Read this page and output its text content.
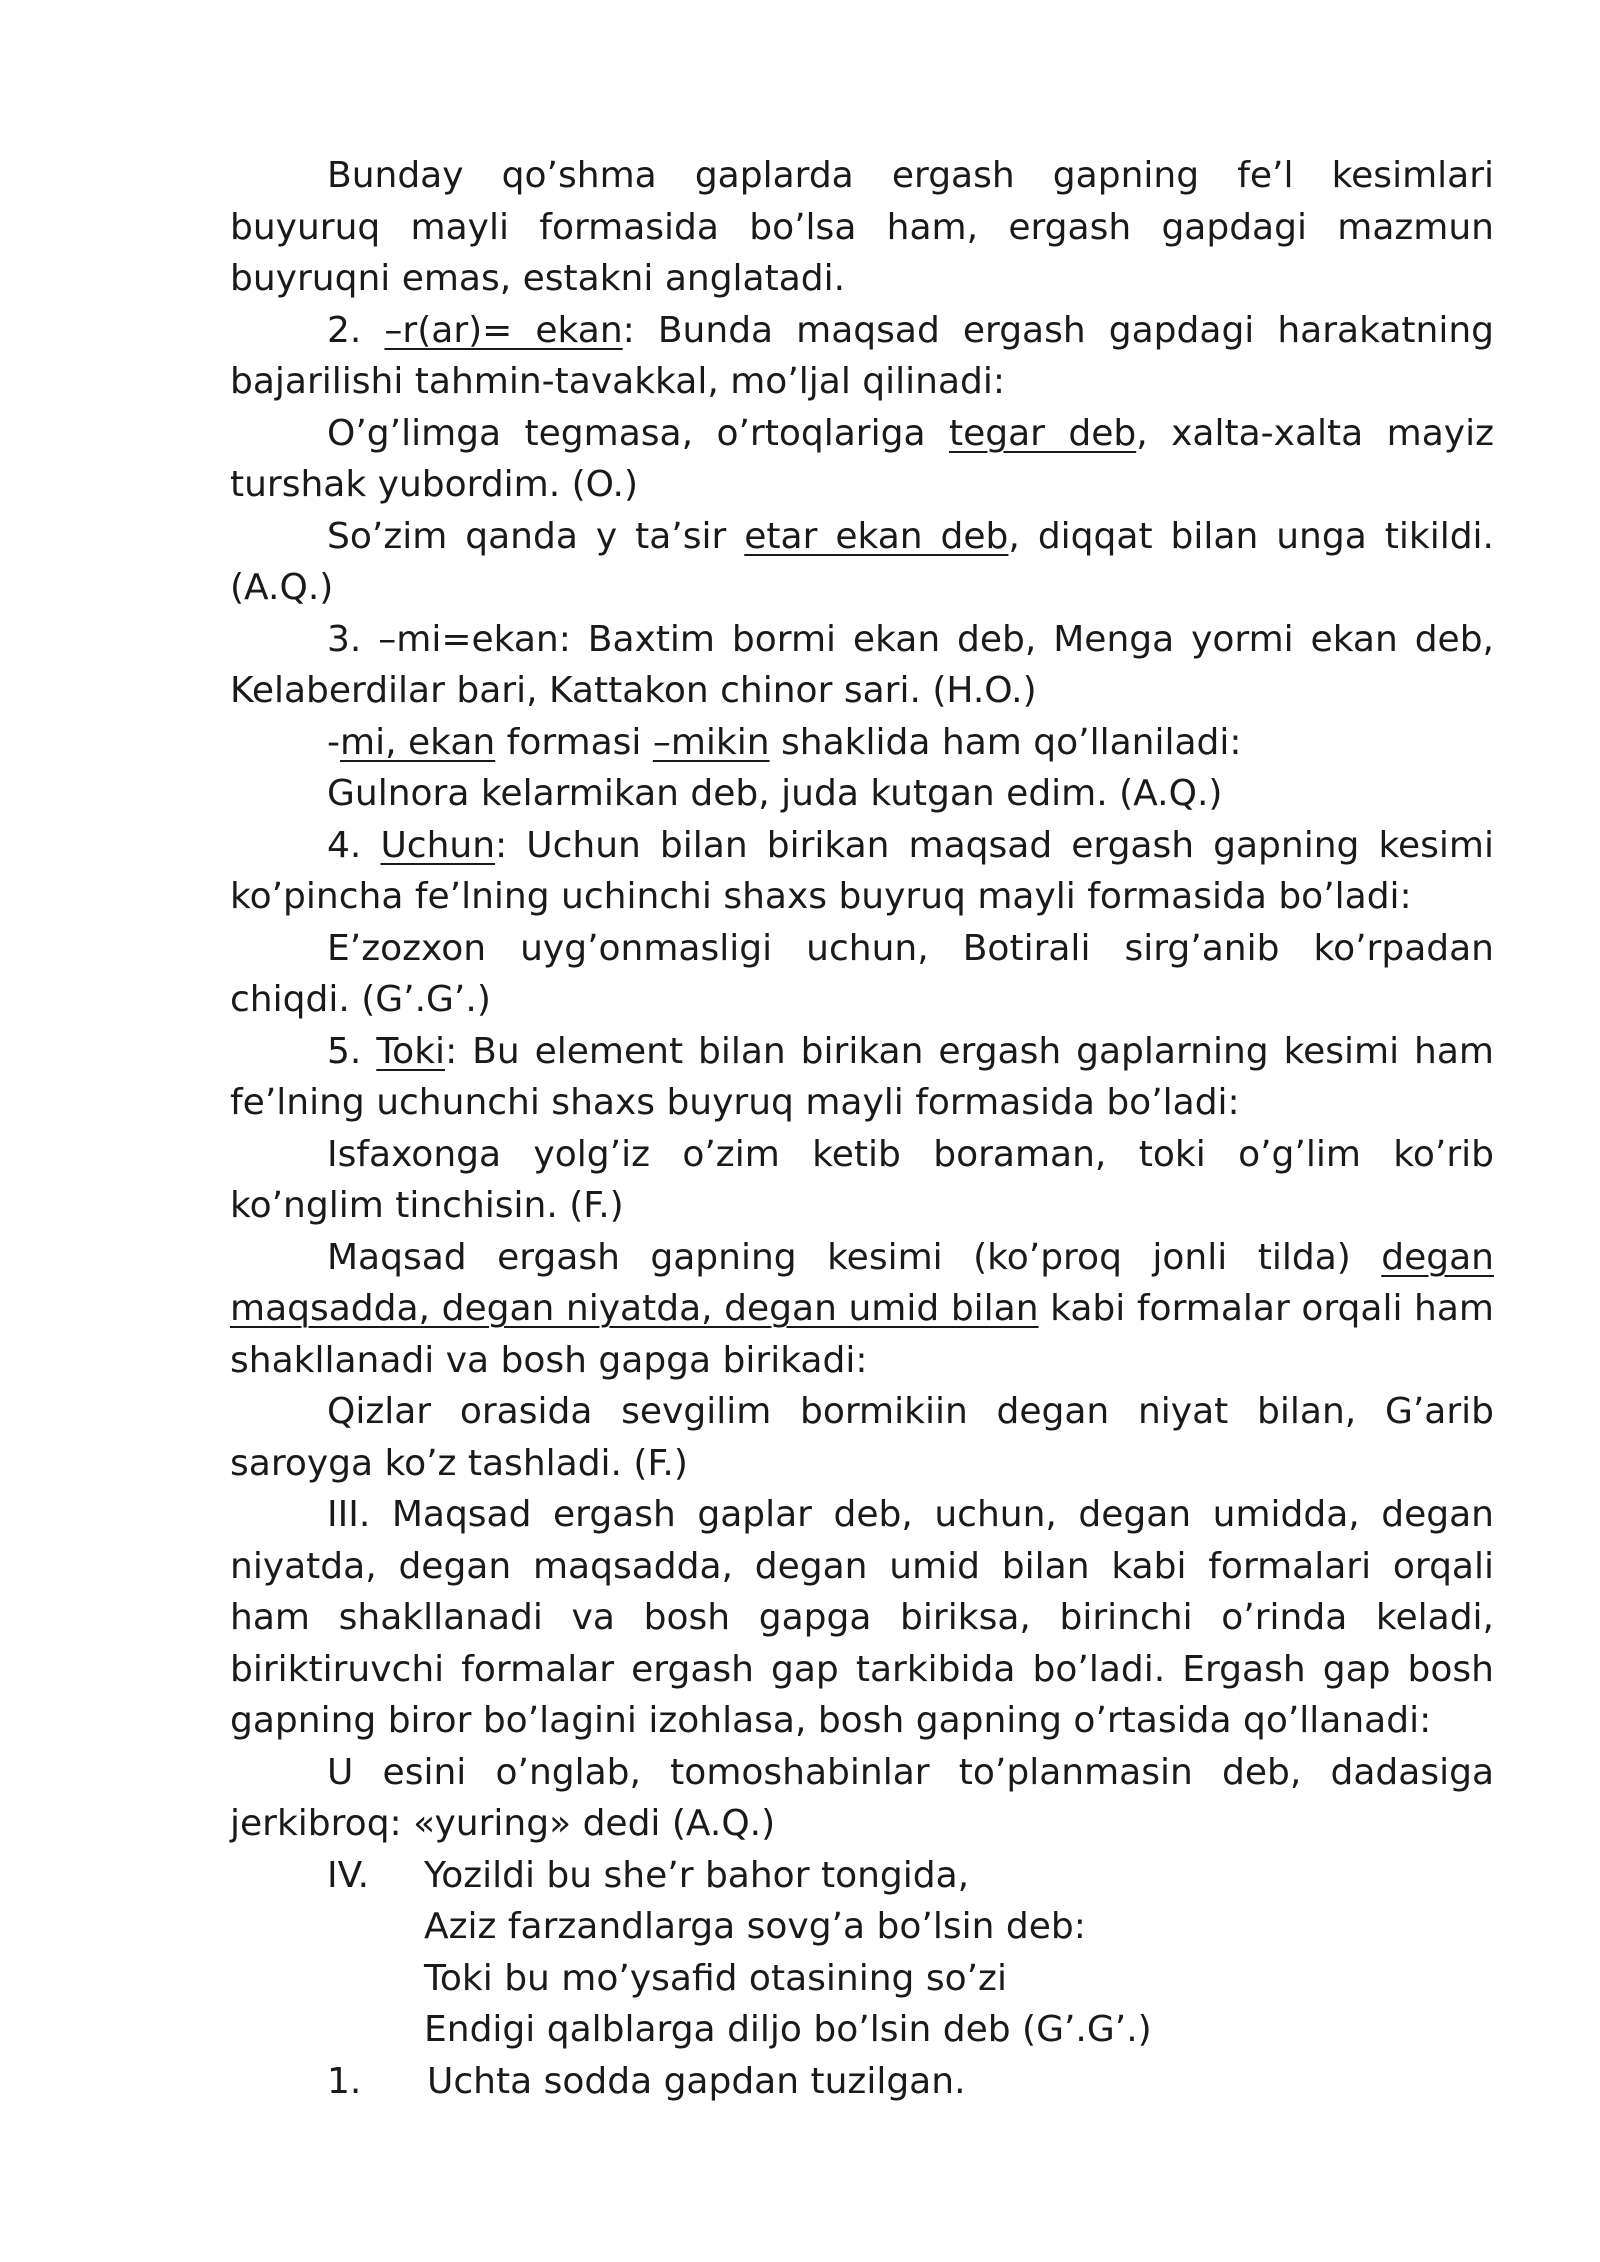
Bunday qo’shma gaplarda ergash gapning fe’l kesimlari buyuruq mayli formasida bo’lsa ham, ergash gapdagi mazmun buyruqni emas, estakni anglatadi.

2. –r(ar)= ekan: Bunda maqsad ergash gapdagi harakatning bajarilishi tahmin-tavakkal, mo’ljal qilinadi:

O’g’limga tegmasa, o’rtoqlariga tegar deb, xalta-xalta mayiz turshak yubordim. (O.)

So’zim qanda y ta’sir etar ekan deb, diqqat bilan unga tikildi. (A.Q.)

3. –mi=ekan: Baxtim bormi ekan deb, Menga yormi ekan deb, Kelaberdilar bari, Kattakon chinor sari. (H.O.)

-mi, ekan formasi –mikin shaklida ham qo’llaniladi:

Gulnora kelarmikan deb, juda kutgan edim. (A.Q.)

4. Uchun: Uchun bilan birikan maqsad ergash gapning kesimi ko’pincha fe’lning uchinchi shaxs buyruq mayli formasida bo’ladi:

E’zozxon uyg’onmasligi uchun, Botirali sirg’anib ko’rpadan chiqdi. (G’.G’.)

5. Toki: Bu element bilan birikan ergash gaplarning kesimi ham fe’lning uchunchi shaxs buyruq mayli formasida bo’ladi:

Isfaxonga yolg’iz o’zim ketib boraman, toki o’g’lim ko’rib ko’nglim tinchisin. (F.)

Maqsad ergash gapning kesimi (ko’proq jonli tilda) degan maqsadda, degan niyatda, degan umid bilan kabi formalar orqali ham shakllanadi va bosh gapga birikadi:

Qizlar orasida sevgilim bormikiin degan niyat bilan, G’arib saroyga ko’z tashladi. (F.)

III. Maqsad ergash gaplar deb, uchun, degan umidda, degan niyatda, degan maqsadda, degan umid bilan kabi formalari orqali ham shakllanadi va bosh gapga biriksa, birinchi o’rinda keladi, biriktiruvchi formalar ergash gap tarkibida bo’ladi. Ergash gap bosh gapning biror bo’lagini izohlasa, bosh gapning o’rtasida qo’llanadi:

U esini o’nglab, tomoshabinlar to’planmasin deb, dadasiga jerkibroq: «yuring» dedi (A.Q.)

IV.	Yozildi bu she’r bahor tongida,
Aziz farzandlarga sovg’a bo’lsin deb:
Toki bu mo’ysafid otasining so’zi
Endigi qalblarga diljo bo’lsin deb (G’.G’.)
1.	Uchta sodda gapdan tuzilgan.
